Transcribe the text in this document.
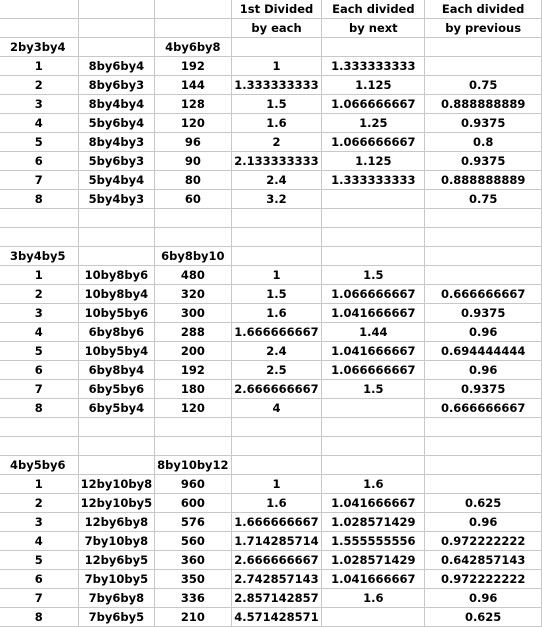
			1st Divided	Each divided	Each divided
			by each	by next	by previous
2by3by4		4by6by8			
1	8by6by4	192	1	1.333333333	
2	8by6by3	144	1.333333333	1.125	0.75
3	8by4by4	128	1.5	1.066666667	0.888888889
4	5by6by4	120	1.6	1.25	0.9375
5	8by4by3	96	2	1.066666667	0.8
6	5by6by3	90	2.133333333	1.125	0.9375
7	5by4by4	80	2.4	1.333333333	0.888888889
8	5by4by3	60	3.2		0.75

3by4by5		6by8by10			
1	10by8by6	480	1	1.5	
2	10by8by4	320	1.5	1.066666667	0.666666667
3	10by5by6	300	1.6	1.041666667	0.9375
4	6by8by6	288	1.666666667	1.44	0.96
5	10by5by4	200	2.4	1.041666667	0.694444444
6	6by8by4	192	2.5	1.066666667	0.96
7	6by5by6	180	2.666666667	1.5	0.9375
8	6by5by4	120	4		0.666666667

4by5by6		8by10by12			
1	12by10by8	960	1	1.6	
2	12by10by5	600	1.6	1.041666667	0.625
3	12by6by8	576	1.666666667	1.028571429	0.96
4	7by10by8	560	1.714285714	1.555555556	0.972222222
5	12by6by5	360	2.666666667	1.028571429	0.642857143
6	7by10by5	350	2.742857143	1.041666667	0.972222222
7	7by6by8	336	2.857142857	1.6	0.96
8	7by6by5	210	4.571428571		0.625
